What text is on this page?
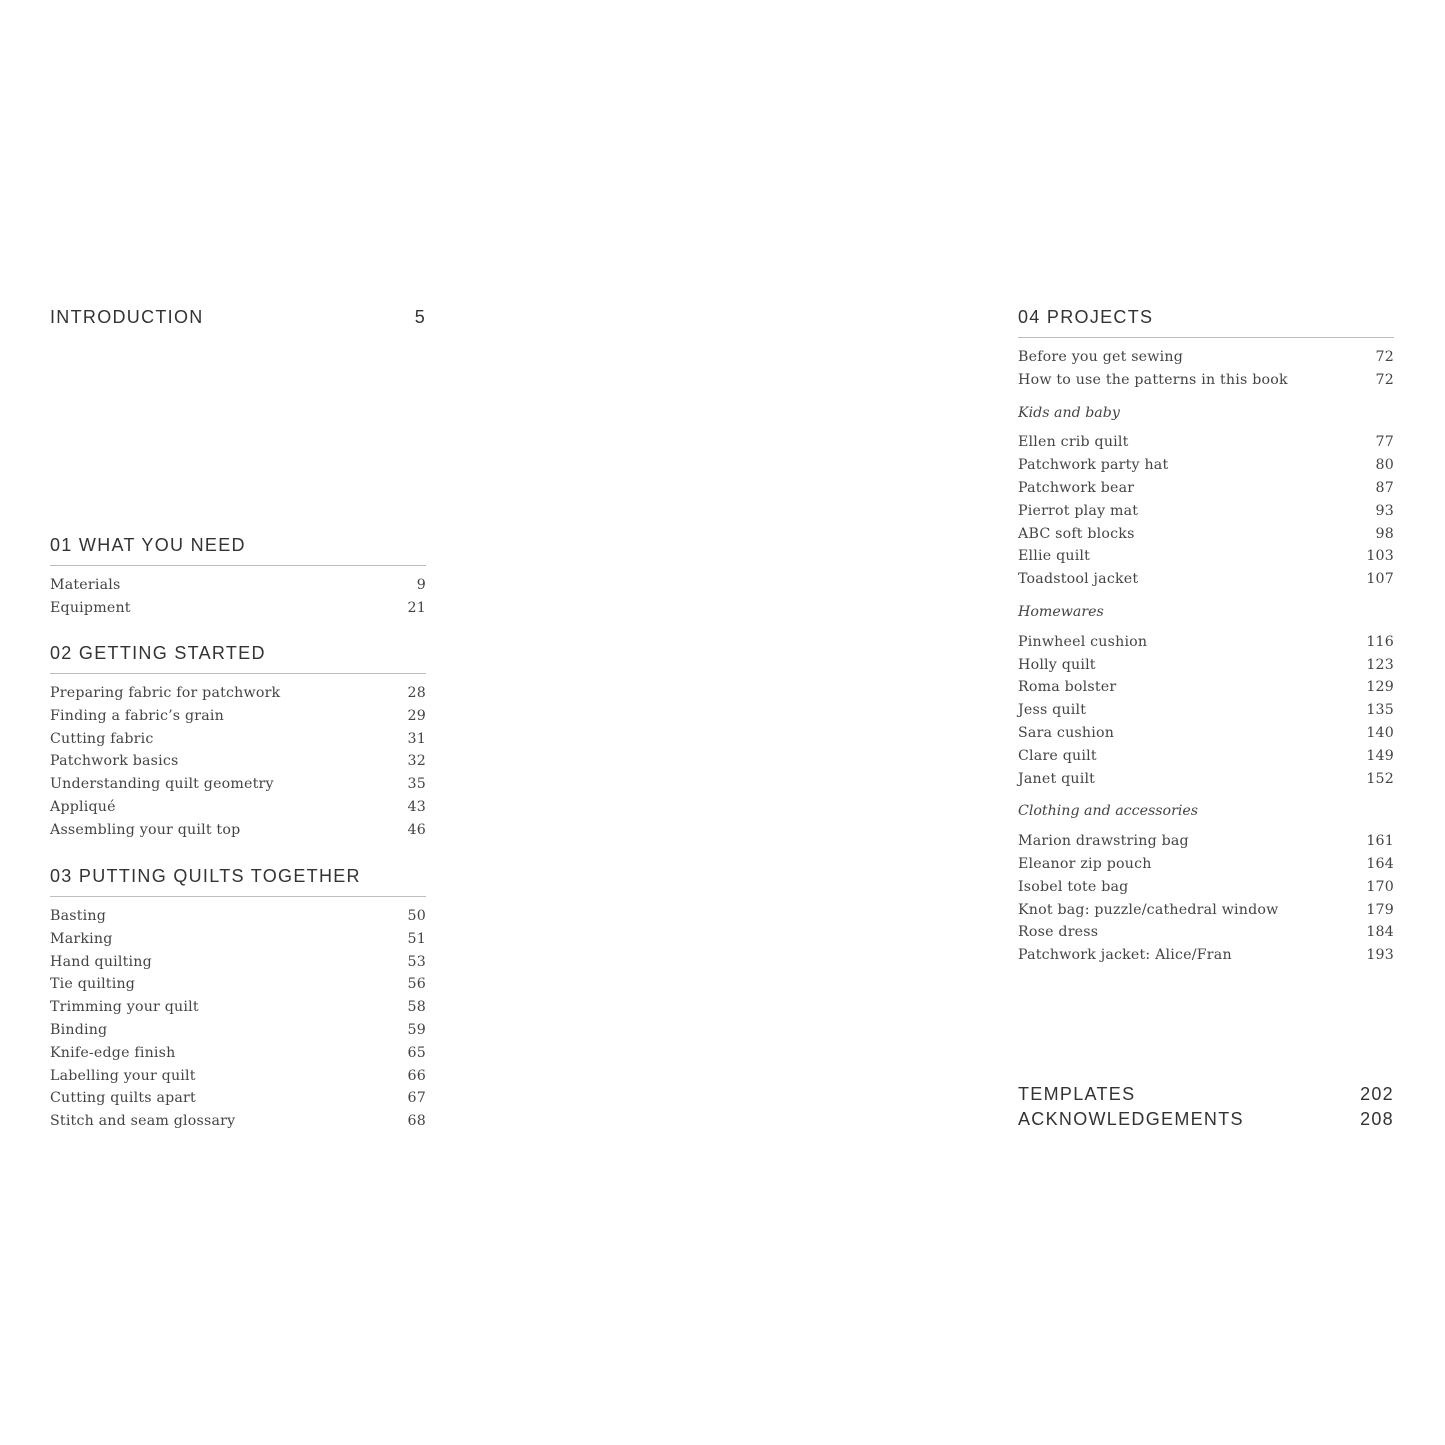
INTRODUCTION	5
01 WHAT YOU NEED
Materials	9
Equipment	21
02 GETTING STARTED
Preparing fabric for patchwork	28
Finding a fabric’s grain	29
Cutting fabric	31
Patchwork basics	32
Understanding quilt geometry	35
Appliqué	43
Assembling your quilt top	46
03 PUTTING QUILTS TOGETHER
Basting	50
Marking	51
Hand quilting	53
Tie quilting	56
Trimming your quilt	58
Binding	59
Knife-edge finish	65
Labelling your quilt	66
Cutting quilts apart	67
Stitch and seam glossary	68
04 PROJECTS
Before you get sewing	72
How to use the patterns in this book	72
Kids and baby
Ellen crib quilt	77
Patchwork party hat	80
Patchwork bear	87
Pierrot play mat	93
ABC soft blocks	98
Ellie quilt	103
Toadstool jacket	107
Homewares
Pinwheel cushion	116
Holly quilt	123
Roma bolster	129
Jess quilt	135
Sara cushion	140
Clare quilt	149
Janet quilt	152
Clothing and accessories
Marion drawstring bag	161
Eleanor zip pouch	164
Isobel tote bag	170
Knot bag: puzzle/cathedral window	179
Rose dress	184
Patchwork jacket: Alice/Fran	193
TEMPLATES	202
ACKNOWLEDGEMENTS	208
